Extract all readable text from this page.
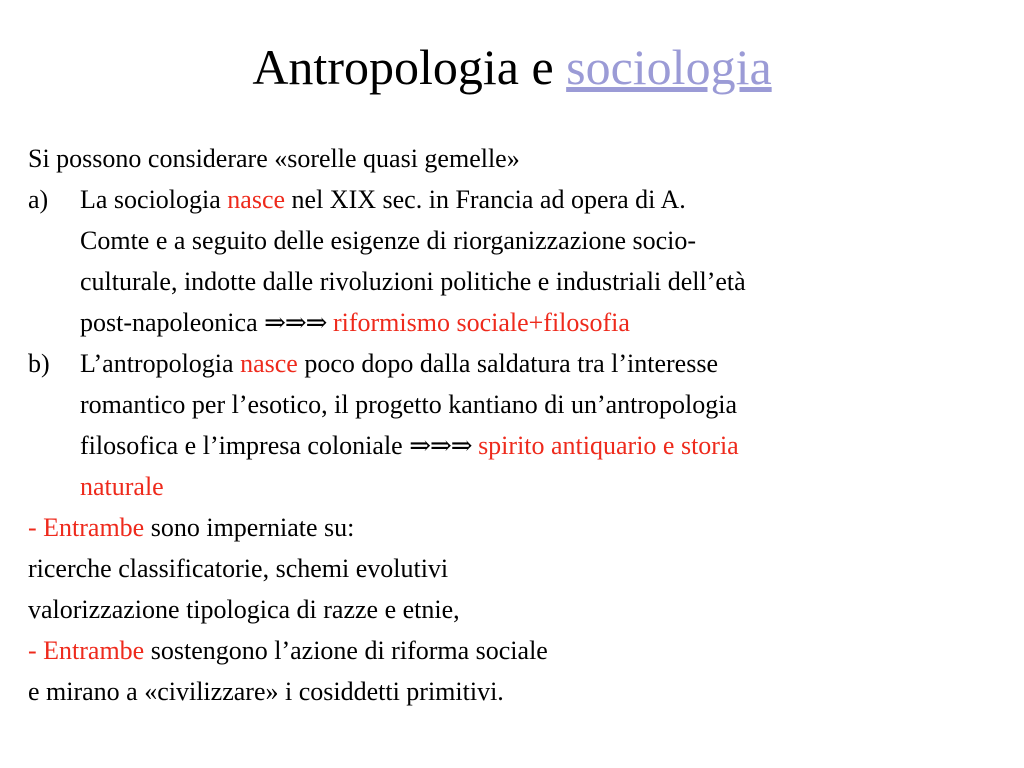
Antropologia e sociologia
Si possono considerare «sorelle quasi gemelle»
a) La sociologia nasce nel XIX sec. in Francia ad opera di A.
Comte e a seguito delle esigenze di riorganizzazione socio-
culturale, indotte dalle rivoluzioni politiche e industriali dell’età
post-napoleonica ⇒⇒⇒ riformismo sociale+filosofia
b) L’antropologia nasce poco dopo dalla saldatura tra l’interesse
romantico per l’esotico, il progetto kantiano di un’antropologia
filosofica e l’impresa coloniale ⇒⇒⇒ spirito antiquario e storia
naturale
- Entrambe sono imperniate su:
ricerche classificatorie, schemi evolutivi
valorizzazione tipologica di razze e etnie,
- Entrambe sostengono l’azione di riforma sociale
e mirano a «civilizzare» i cosiddetti primitivi.
